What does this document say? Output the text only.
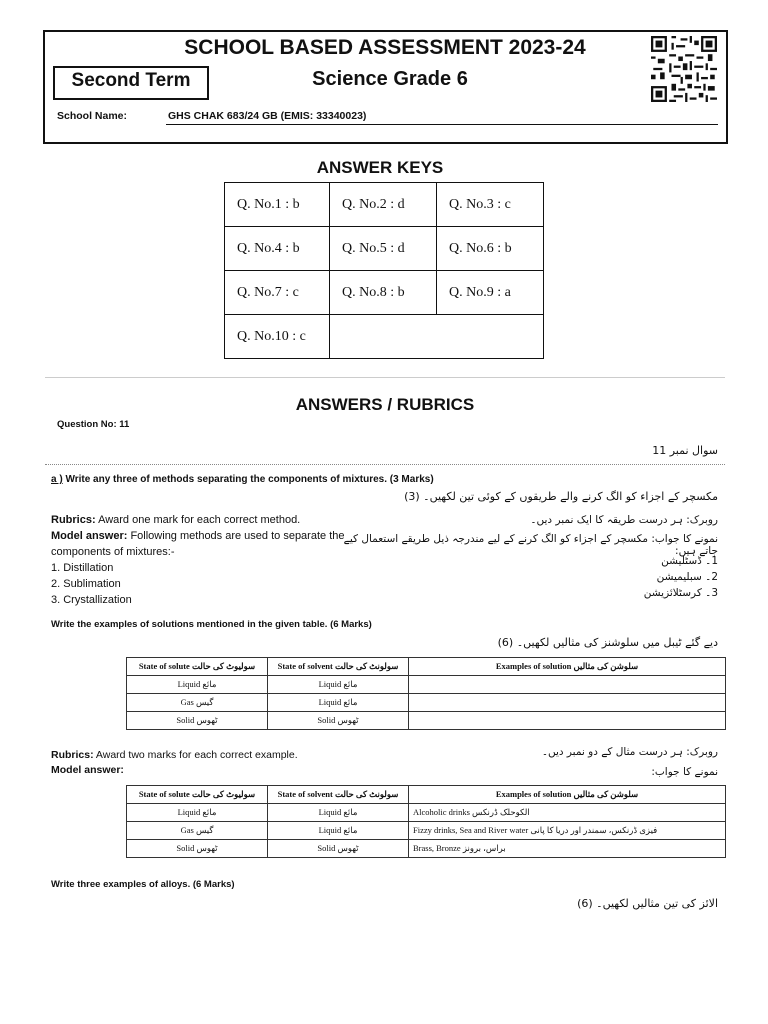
SCHOOL BASED ASSESSMENT 2023-24
Second Term	Science Grade 6
School Name:	GHS CHAK 683/24 GB (EMIS: 33340023)
ANSWER KEYS
Q. No.1 : b	Q. No.2 : d	Q. No.3 : c
Q. No.4 : b	Q. No.5 : d	Q. No.6 : b
Q. No.7 : c	Q. No.8 : b	Q. No.9 : a
Q. No.10 : c		
ANSWERS / RUBRICS
Question No: 11
سوال نمبر 11
a ) Write any three of methods separating the components of mixtures. (3 Marks)
مکسچر کے اجزاء کو الگ کرنے والے طریقوں کے کوئی تین لکھیں۔ (3)
Rubrics: Award one mark for each correct method.
Model answer: Following methods are used to separate the components of mixtures:-
1. Distillation
2. Sublimation
3. Crystallization
روبرک: ہر درست طریقہ کا ایک نمبر دیں۔
نمونے کا جواب: مکسچر کے اجزاء کو الگ کرنے کے لیے مندرجہ ذیل طریقے استعمال کیے جاتے ہیں:
1۔ ڈسٹلیشن
2۔ سبلیمیشن
3۔ کرسٹلائزیشن
Write the examples of solutions mentioned in the given table. (6 Marks)
دیے گئے ٹیبل میں سلوشنز کی مثالیں لکھیں۔ (6)
State of solute سولیوٹ کی حالت	State of solvent سولونٹ کی حالت	Examples of solution سلوشن کی مثالیں
Liquid مائع	Liquid مائع	
Gas گیس	Liquid مائع	
Solid ٹھوس	Solid ٹھوس	
Rubrics: Award two marks for each correct example.
Model answer:
روبرک: ہر درست مثال کے دو نمبر دیں۔
نمونے کا جواب:
State of solute سولیوٹ کی حالت	State of solvent سولونٹ کی حالت	Examples of solution سلوشن کی مثالیں
Liquid مائع	Liquid مائع	Alcoholic drinks الکوحلک ڈرنکس
Gas گیس	Liquid مائع	Fizzy drinks, Sea and River water فیزی ڈرنکس، سمندر اور دریا کا پانی
Solid ٹھوس	Solid ٹھوس	Brass, Bronze براس، برونز
Write three examples of alloys. (6 Marks)
الائز کی تین مثالیں لکھیں۔ (6)
